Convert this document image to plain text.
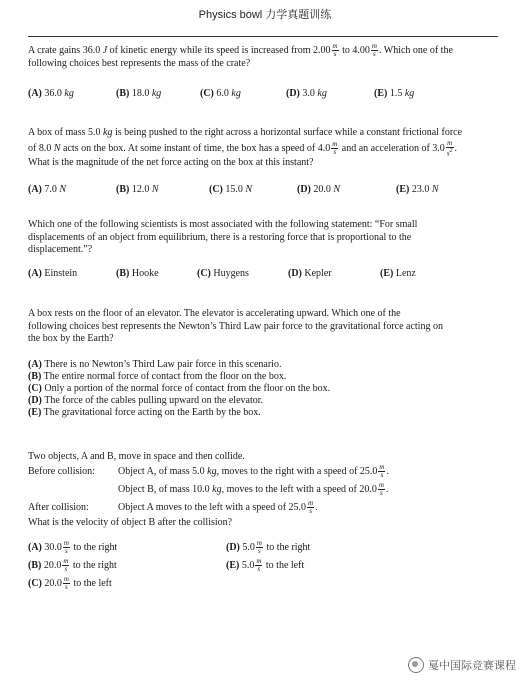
Physics bowl 力学真题训练

A crate gains 36.0 J of kinetic energy while its speed is increased from $2.00 \frac{m}{s}$ to $4.00 \frac{m}{s}$ . Which one of the

following choices best represents the mass of the crate?

(A) 36.0 kg	(B) 18.0 kg	(C) 6.0 kg	(D) 3.0 kg	(E) 1.5 kg

A box of mass 5.0 kg is being pushed to the right across a horizontal surface while a constant frictional force

of 8.0 N acts on the box. At some instant of time, the box has a speed of $4.0 \frac{m}{s}$ and an acceleration of $3.0 \frac{m}{s2}$ .

What is the magnitude of the net force acting on the box at this instant?

(A) 7.0 N	(B) 12.0 N	(C) 15.0 N	(D) 20.0 N	(E) 23.0 N

Which one of the following scientists is most associated with the following statement: “For small

displacements of an object from equilibrium, there is a restoring force that is proportional to the

displacement.”?

(A) Einstein	(B) Hooke	(C) Huygens	(D) Kepler	(E) Lenz

A box rests on the floor of an elevator. The elevator is accelerating upward. Which one of the

following choices best represents the Newton’s Third Law pair force to the gravitational force acting on

the box by the Earth?

(A) There is no Newton’s Third Law pair force in this scenario.
(B) The entire normal force of contact from the floor on the box.
(C) Only a portion of the normal force of contact from the floor on the box.
(D) The force of the cables pulling upward on the elevator.
(E) The gravitational force acting on the Earth by the box.

Two objects, A and B, move in space and then collide.

Before collision: Object A, of mass 5.0 kg, moves to the right with a speed of $25.0 \frac{m}{s}$ .
Object B, of mass 10.0 kg, moves to the left with a speed of $20.0 \frac{m}{s}$ .
After collision:	Object A moves to the left with a speed of $25.0 \frac{m}{s}$ .

What is the velocity of object B after the collision?

(A) $30.0 \frac{m}{s}$ to the right
(B) $20.0 \frac{m}{s}$ to the right
(C) $20.0 \frac{m}{s}$ to the left
(D) $5.0 \frac{m}{s}$ to the right
(E) $5.0 \frac{m}{s}$ to the left
戛中国际竞赛课程
